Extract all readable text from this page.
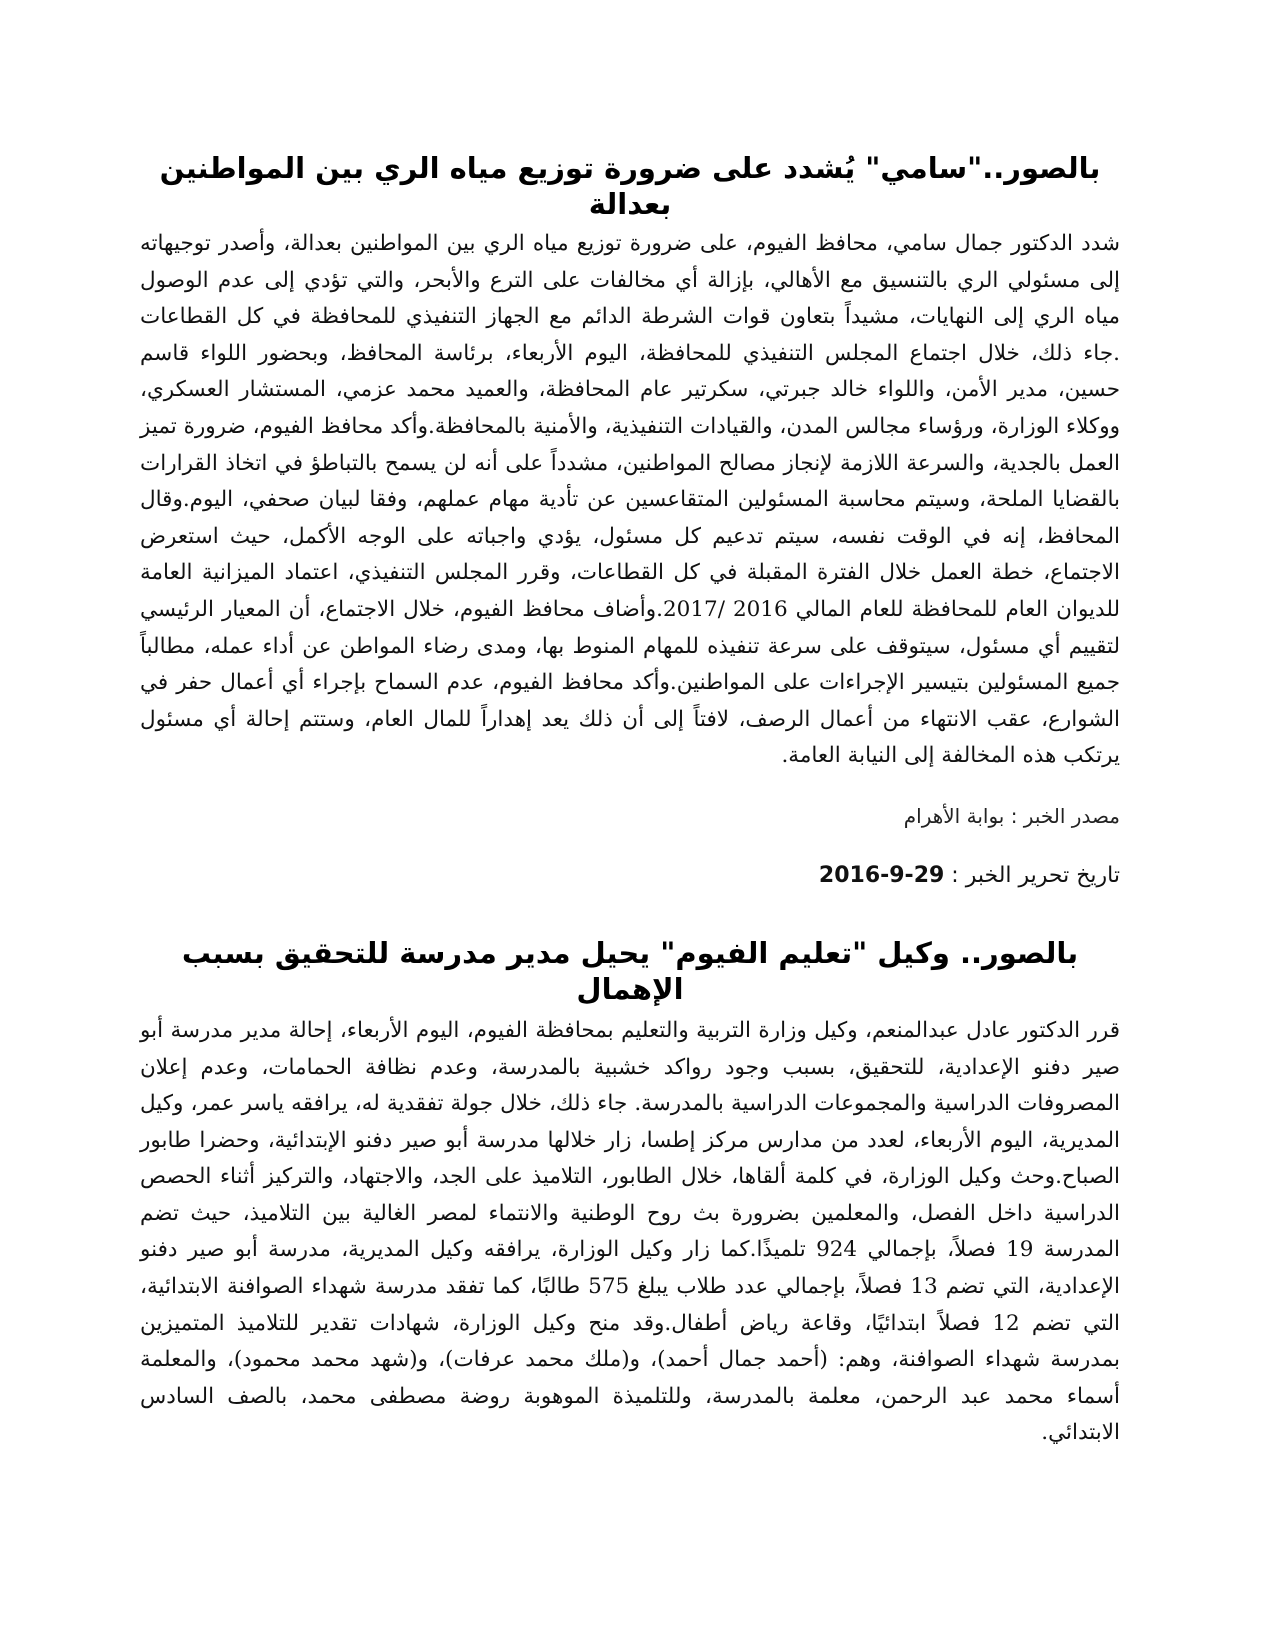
بالصور.."سامي" يُشدد على ضرورة توزيع مياه الري بين المواطنين بعدالة

شدد الدكتور جمال سامي، محافظ الفيوم، على ضرورة توزيع مياه الري بين المواطنين بعدالة، وأصدر توجيهاته إلى مسئولي الري بالتنسيق مع الأهالي، بإزالة أي مخالفات على الترع والأبحر، والتي تؤدي إلى عدم الوصول مياه الري إلى النهايات، مشيداً بتعاون قوات الشرطة الدائم مع الجهاز التنفيذي للمحافظة في كل القطاعات .جاء ذلك، خلال اجتماع المجلس التنفيذي للمحافظة، اليوم الأربعاء، برئاسة المحافظ، وبحضور اللواء قاسم حسين، مدير الأمن، واللواء خالد جبرتي، سكرتير عام المحافظة، والعميد محمد عزمي، المستشار العسكري، ووكلاء الوزارة، ورؤساء مجالس المدن، والقيادات التنفيذية، والأمنية بالمحافظة.وأكد محافظ الفيوم، ضرورة تميز العمل بالجدية، والسرعة اللازمة لإنجاز مصالح المواطنين، مشدداً على أنه لن يسمح بالتباطؤ في اتخاذ القرارات بالقضايا الملحة، وسيتم محاسبة المسئولين المتقاعسين عن تأدية مهام عملهم، وفقا لبيان صحفي، اليوم.وقال المحافظ، إنه في الوقت نفسه، سيتم تدعيم كل مسئول، يؤدي واجباته على الوجه الأكمل، حيث استعرض الاجتماع، خطة العمل خلال الفترة المقبلة في كل القطاعات، وقرر المجلس التنفيذي، اعتماد الميزانية العامة للديوان العام للمحافظة للعام المالي 2016 /2017.وأضاف محافظ الفيوم، خلال الاجتماع، أن المعيار الرئيسي لتقييم أي مسئول، سيتوقف على سرعة تنفيذه للمهام المنوط بها، ومدى رضاء المواطن عن أداء عمله، مطالباً جميع المسئولين بتيسير الإجراءات على المواطنين.وأكد محافظ الفيوم، عدم السماح بإجراء أي أعمال حفر في الشوارع، عقب الانتهاء من أعمال الرصف، لافتاً إلى أن ذلك يعد إهداراً للمال العام، وستتم إحالة أي مسئول يرتكب هذه المخالفة إلى النيابة العامة.

مصدر الخبر : بوابة الأهرام

تاريخ تحرير الخبر : 2016-9-29

بالصور.. وكيل "تعليم الفيوم" يحيل مدير مدرسة للتحقيق بسبب الإهمال

قرر الدكتور عادل عبدالمنعم، وكيل وزارة التربية والتعليم بمحافظة الفيوم، اليوم الأربعاء، إحالة مدير مدرسة أبو صير دفنو الإعدادية، للتحقيق، بسبب وجود رواكد خشبية بالمدرسة، وعدم نظافة الحمامات، وعدم إعلان المصروفات الدراسية والمجموعات الدراسية بالمدرسة. جاء ذلك، خلال جولة تفقدية له، يرافقه ياسر عمر، وكيل المديرية، اليوم الأربعاء، لعدد من مدارس مركز إطسا، زار خلالها مدرسة أبو صير دفنو الإبتدائية، وحضرا طابور الصباح.وحث وكيل الوزارة، في كلمة ألقاها، خلال الطابور، التلاميذ على الجد، والاجتهاد، والتركيز أثناء الحصص الدراسية داخل الفصل، والمعلمين بضرورة بث روح الوطنية والانتماء لمصر الغالية بين التلاميذ، حيث تضم المدرسة 19 فصلاً، بإجمالي 924 تلميذًا.كما زار وكيل الوزارة، يرافقه وكيل المديرية، مدرسة أبو صير دفنو الإعدادية، التي تضم 13 فصلاً، بإجمالي عدد طلاب يبلغ 575 طالبًا، كما تفقد مدرسة شهداء الصوافنة الابتدائية، التي تضم 12 فصلاً ابتدائيًا، وقاعة رياض أطفال.وقد منح وكيل الوزارة، شهادات تقدير للتلاميذ المتميزين بمدرسة شهداء الصوافنة، وهم: (أحمد جمال أحمد)، و(ملك محمد عرفات)، و(شهد محمد محمود)، والمعلمة أسماء محمد عبد الرحمن، معلمة بالمدرسة، وللتلميذة الموهوبة روضة مصطفى محمد، بالصف السادس الابتدائي.
